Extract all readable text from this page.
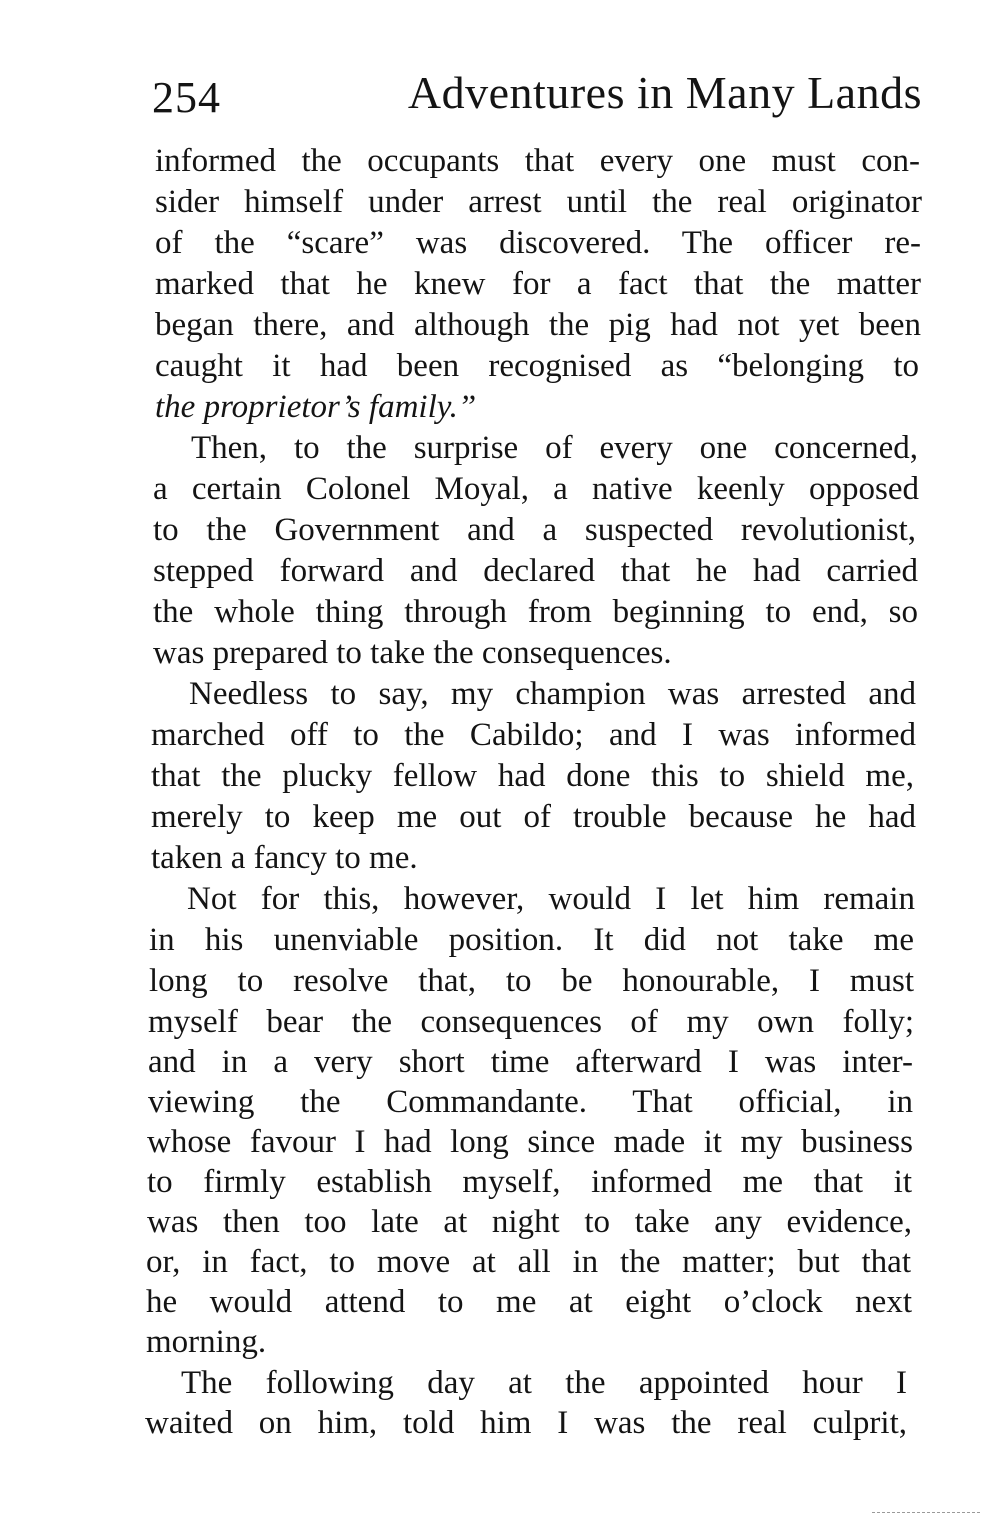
254	Adventures in Many Lands
informed the occupants that every one must con-
sider himself under arrest until the real originator
of the “scare” was discovered. The officer re-
marked that he knew for a fact that the matter
began there, and although the pig had not yet been
caught it had been recognised as “belonging to
the proprietor’s family.”
Then, to the surprise of every one concerned,
a certain Colonel Moyal, a native keenly opposed
to the Government and a suspected revolutionist,
stepped forward and declared that he had carried
the whole thing through from beginning to end, so
was prepared to take the consequences.
Needless to say, my champion was arrested and
marched off to the Cabildo; and I was informed
that the plucky fellow had done this to shield me,
merely to keep me out of trouble because he had
taken a fancy to me.
Not for this, however, would I let him remain
in his unenviable position. It did not take me
long to resolve that, to be honourable, I must
myself bear the consequences of my own folly;
and in a very short time afterward I was inter-
viewing the Commandante. That official, in
whose favour I had long since made it my business
to firmly establish myself, informed me that it
was then too late at night to take any evidence,
or, in fact, to move at all in the matter; but that
he would attend to me at eight o’clock next
morning.
The following day at the appointed hour I
waited on him, told him I was the real culprit,
